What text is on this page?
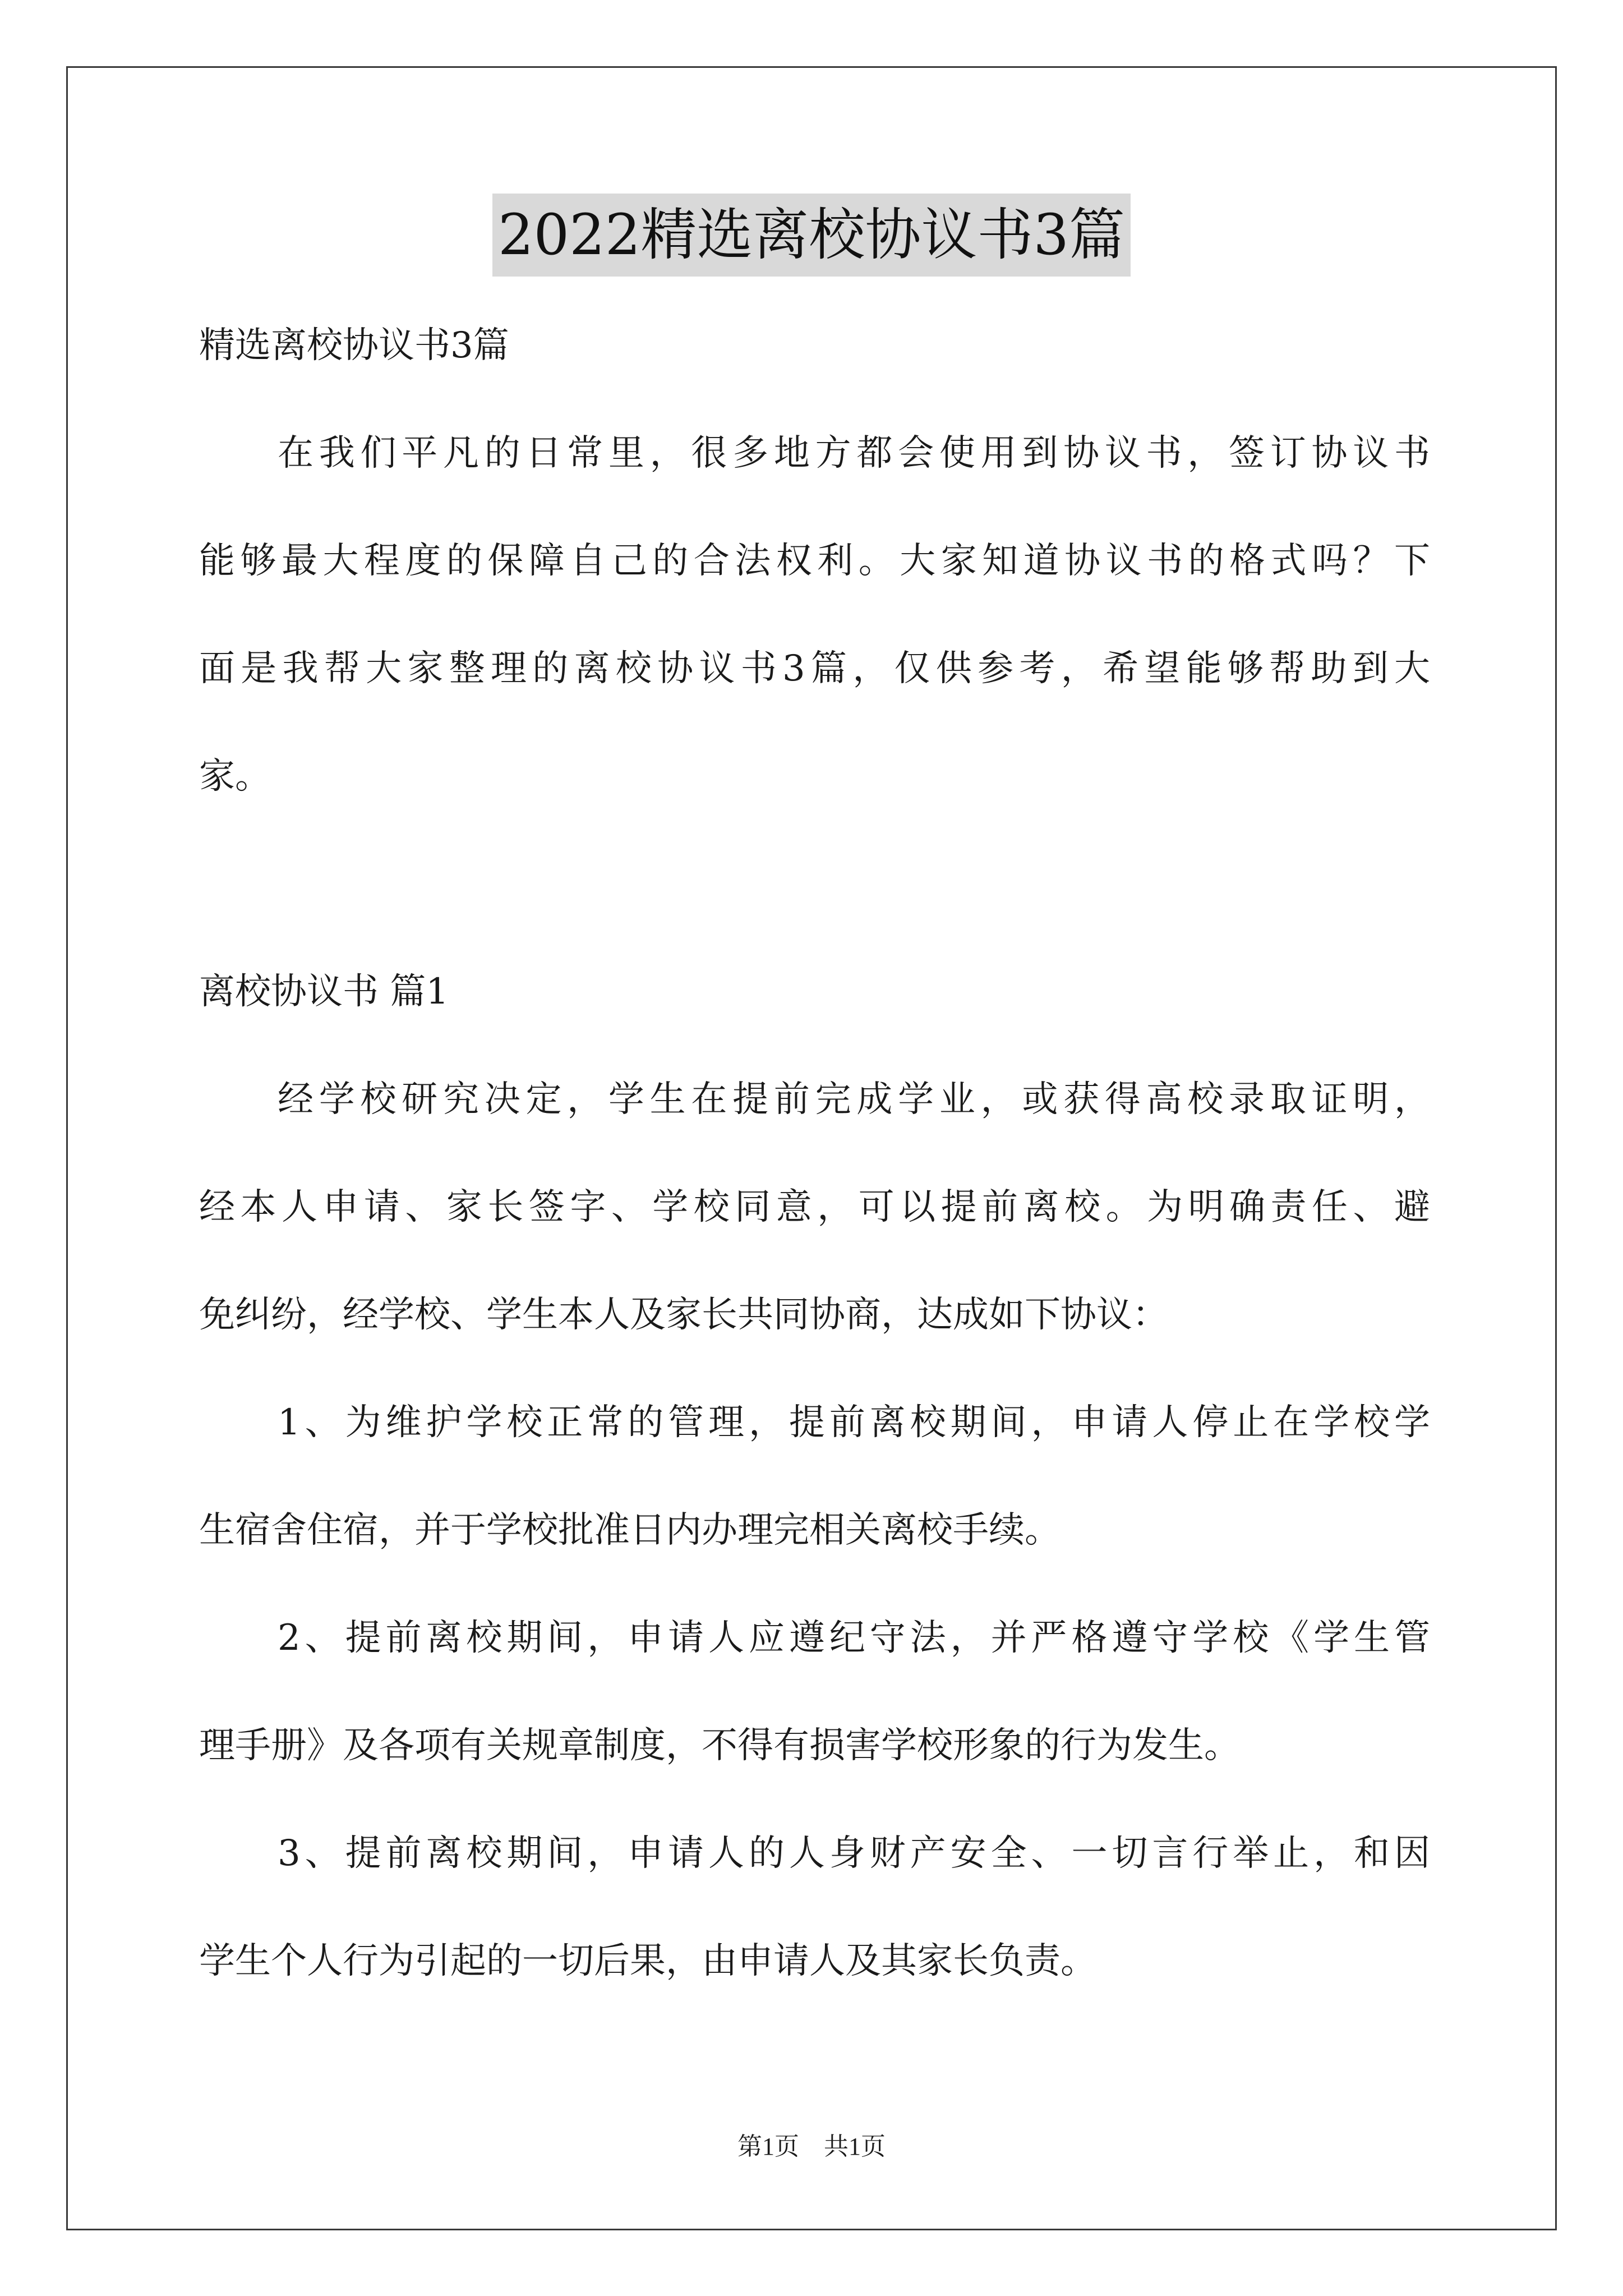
2022精选离校协议书3篇
精选离校协议书3篇
在我们平凡的日常里，很多地方都会使用到协议书，签订协议书
能够最大程度的保障自己的合法权利。大家知道协议书的格式吗？下
面是我帮大家整理的离校协议书3篇，仅供参考，希望能够帮助到大
家。
离校协议书 篇1
经学校研究决定，学生在提前完成学业，或获得高校录取证明，
经本人申请、家长签字、学校同意，可以提前离校。为明确责任、避
免纠纷，经学校、学生本人及家长共同协商，达成如下协议：
1、为维护学校正常的管理，提前离校期间，申请人停止在学校学
生宿舍住宿，并于学校批准日内办理完相关离校手续。
2、提前离校期间，申请人应遵纪守法，并严格遵守学校《学生管
理手册》及各项有关规章制度，不得有损害学校形象的行为发生。
3、提前离校期间，申请人的人身财产安全、一切言行举止，和因
学生个人行为引起的一切后果，由申请人及其家长负责。
第1页　共1页
